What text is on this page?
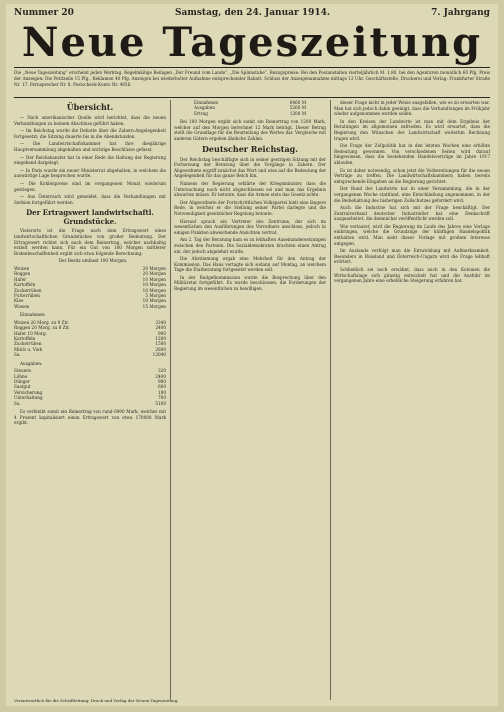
Nummer 20	Samstag, den 24. Januar 1914.	7. Jahrgang
Neue Tageszeitung
Die „Neue Tageszeitung“ erscheint jeden Werktag. Regelmäßige Beilagen „Der Freund vom Lande“, „Die Spinnstube“. Bezugspreise: Bei den Postanstalten vierteljährlich M. 1,80, bei den Agenturen monatlich 60 Pfg. Preis der Anzeigen: Die Petitzeile 15 Pfg., Reklamen 40 Pfg. Anzeigen bei wiederholter Aufnahme entsprechender Rabatt. Schluss der Anzeigenannahme mittags 12 Uhr. Geschäftsstelle, Druckerei und Verlag: Frankfurter Straße Nr. 17. Fernsprecher Nr. 8. Postscheck-Konto Nr. 4856.
Übersicht.
— Nach amerikanischer Quelle wird berichtet, dass die neuen Verhandlungen zu keinem Abschluss geführt haben.
— Im Reichstag wurde die Debatte über die Zabern-Angelegenheit fortgesetzt; die Sitzung dauerte bis in die Abendstunden.
— Die Landwirtschaftskammer hat ihre diesjährige Hauptversammlung abgehalten und wichtige Beschlüsse gefasst.
— Der Reichskanzler hat in einer Rede die Haltung der Regierung eingehend dargelegt.
— In Paris wurde ein neuer Ministerrat abgehalten, in welchem die auswärtige Lage besprochen wurde.
— Die Kohlenpreise sind im vergangenen Monat wiederum gestiegen.
— Aus Österreich wird gemeldet, dass die Verhandlungen mit Serbien fortgeführt werden.
Der Ertragswert landwirtschaftl. Grundstücke.
Vielerorts ist die Frage nach dem Ertragswert eines landwirtschaftlichen Grundstückes von großer Bedeutung. Der Ertragswert richtet sich nach dem Reinertrag, welcher nachhaltig erzielt werden kann. Für ein Gut von 100 Morgen mittlerer Bodenbeschaffenheit ergibt sich etwa folgende Berechnung:
Der Besitz umfasst 100 Morgen.
Weizen	20 Morgen
Roggen	20 Morgen
Hafer	10 Morgen
Kartoffeln	10 Morgen
Zuckerrüben	10 Morgen
Futterrüben	5 Morgen
Klee	10 Morgen
Wiesen	15 Morgen
Einnahmen:
Weizen 20 Morg. zu 9 Ztr.	3240
Roggen 20 Morg. zu 8 Ztr.	2400
Hafer 10 Morg.	900
Kartoffeln	1200
Zuckerrüben	1500
Milch u. Vieh	2800
Sa.	12040
Ausgaben:
Steuern	320
Löhne	2400
Dünger	900
Saatgut	600
Versicherung	180
Unterhaltung	700
Sa.	5100
Es verbleibt somit ein Reinertrag von rund 6900 Mark, welcher mit 4 Prozent kapitalisiert einen Ertragswert von etwa 170000 Mark ergibt.
Einnahmen	6460 M
Ausgaben	5260 M
Ertrag	1200 M
Bei 100 Morgen ergibt sich somit ein Reinertrag von 1200 Mark, welcher auf den Morgen berechnet 12 Mark beträgt. Dieser Betrag stellt die Grundlage für die Beurteilung des Wertes dar. Vergleiche mit anderen Gütern ergeben ähnliche Zahlen.
Deutscher Reichstag.
Der Reichstag beschäftigte sich in seiner gestrigen Sitzung mit der Fortsetzung der Beratung über die Vorgänge in Zabern. Der Abgeordnete ergriff zunächst das Wort und wies auf die Bedeutung der Angelegenheit für das ganze Reich hin.
Namens der Regierung erklärte der Kriegsminister, dass die Untersuchung noch nicht abgeschlossen sei und man das Ergebnis abwarten müsse. Er betonte, dass die Armee stets das Gesetz achte.
Der Abgeordnete der Fortschrittlichen Volkspartei hielt eine längere Rede, in welcher er die Stellung seiner Partei darlegte und die Notwendigkeit gesetzlicher Regelung betonte.
Hierauf sprach ein Vertreter des Zentrums, der sich im wesentlichen den Ausführungen des Vorredners anschloss, jedoch in einigen Punkten abweichende Ansichten vertrat.
Am 2. Tag der Beratung kam es zu lebhaften Auseinandersetzungen zwischen den Parteien. Die Sozialdemokraten brachten einen Antrag ein, der jedoch abgelehnt wurde.
Die Abstimmung ergab eine Mehrheit für den Antrag der Kommission. Das Haus vertagte sich sodann auf Montag, an welchem Tage die Etatberatung fortgesetzt werden soll.
In der Budgetkommission wurde die Besprechung über den Militäretat fortgeführt. Es wurde beschlossen, die Forderungen der Regierung im wesentlichen zu bewilligen.
dieser Frage nicht in jeder Weise ausgefallen, wie es zu erwarten war. Man hat sich jedoch dahin geeinigt, dass die Verhandlungen im Frühjahr wieder aufgenommen werden sollen.
In den Kreisen der Landwirte ist man mit dem Ergebnis der Beratungen im allgemeinen zufrieden. Es wird erwartet, dass die Regierung den Wünschen der Landwirtschaft weiterhin Rechnung tragen wird.
Die Frage der Zollpolitik hat in den letzten Wochen eine erhöhte Bedeutung gewonnen. Von verschiedenen Seiten wird darauf hingewiesen, dass die bestehenden Handelsverträge im Jahre 1917 ablaufen.
Es ist daher notwendig, schon jetzt die Vorbereitungen für die neuen Verträge zu treffen. Die Landwirtschaftskammern haben bereits entsprechende Eingaben an die Regierung gerichtet.
Der Bund der Landwirte hat in einer Versammlung, die in der vergangenen Woche stattfand, eine Entschließung angenommen, in der die Beibehaltung des bisherigen Zollschutzes gefordert wird.
Auch die Industrie hat sich mit der Frage beschäftigt. Der Zentralverband deutscher Industrieller hat eine Denkschrift ausgearbeitet, die demnächst veröffentlicht werden soll.
Wie verlautet, wird die Regierung im Laufe des Jahres eine Vorlage einbringen, welche die Grundzüge der künftigen Handelspolitik enthalten wird. Man sieht dieser Vorlage mit großem Interesse entgegen.
Im Auslande verfolgt man die Entwicklung mit Aufmerksamkeit. Besonders in Russland und Österreich-Ungarn wird die Frage lebhaft erörtert.
Schließlich sei noch erwähnt, dass auch in den Kolonien die Wirtschaftslage sich günstig entwickelt hat und die Ausfuhr im vergangenen Jahre eine erhebliche Steigerung erfahren hat.
Verantwortlich für die Schriftleitung: Druck und Verlag der Neuen Tageszeitung.
